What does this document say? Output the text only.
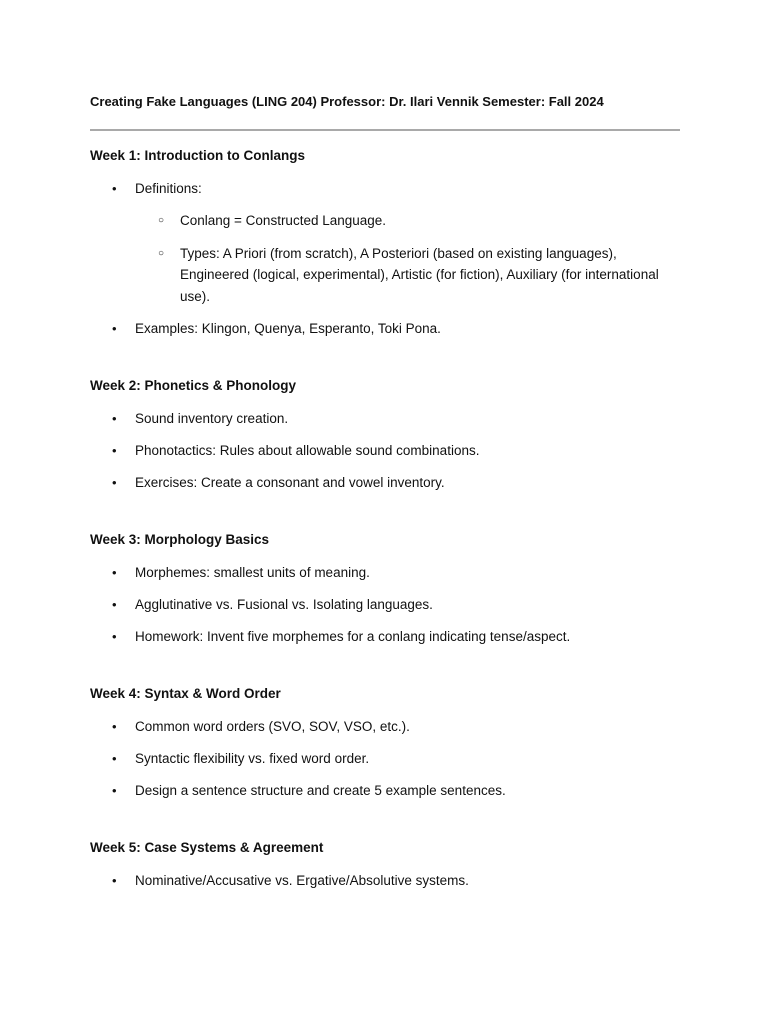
Creating Fake Languages (LING 204) Professor: Dr. Ilari Vennik Semester: Fall 2024

Week 1: Introduction to Conlangs

• Definitions:
○ Conlang = Constructed Language.
○ Types: A Priori (from scratch), A Posteriori (based on existing languages), Engineered (logical, experimental), Artistic (for fiction), Auxiliary (for international use).
• Examples: Klingon, Quenya, Esperanto, Toki Pona.

Week 2: Phonetics & Phonology

• Sound inventory creation.
• Phonotactics: Rules about allowable sound combinations.
• Exercises: Create a consonant and vowel inventory.

Week 3: Morphology Basics

• Morphemes: smallest units of meaning.
• Agglutinative vs. Fusional vs. Isolating languages.
• Homework: Invent five morphemes for a conlang indicating tense/aspect.

Week 4: Syntax & Word Order

• Common word orders (SVO, SOV, VSO, etc.).
• Syntactic flexibility vs. fixed word order.
• Design a sentence structure and create 5 example sentences.

Week 5: Case Systems & Agreement

• Nominative/Accusative vs. Ergative/Absolutive systems.
